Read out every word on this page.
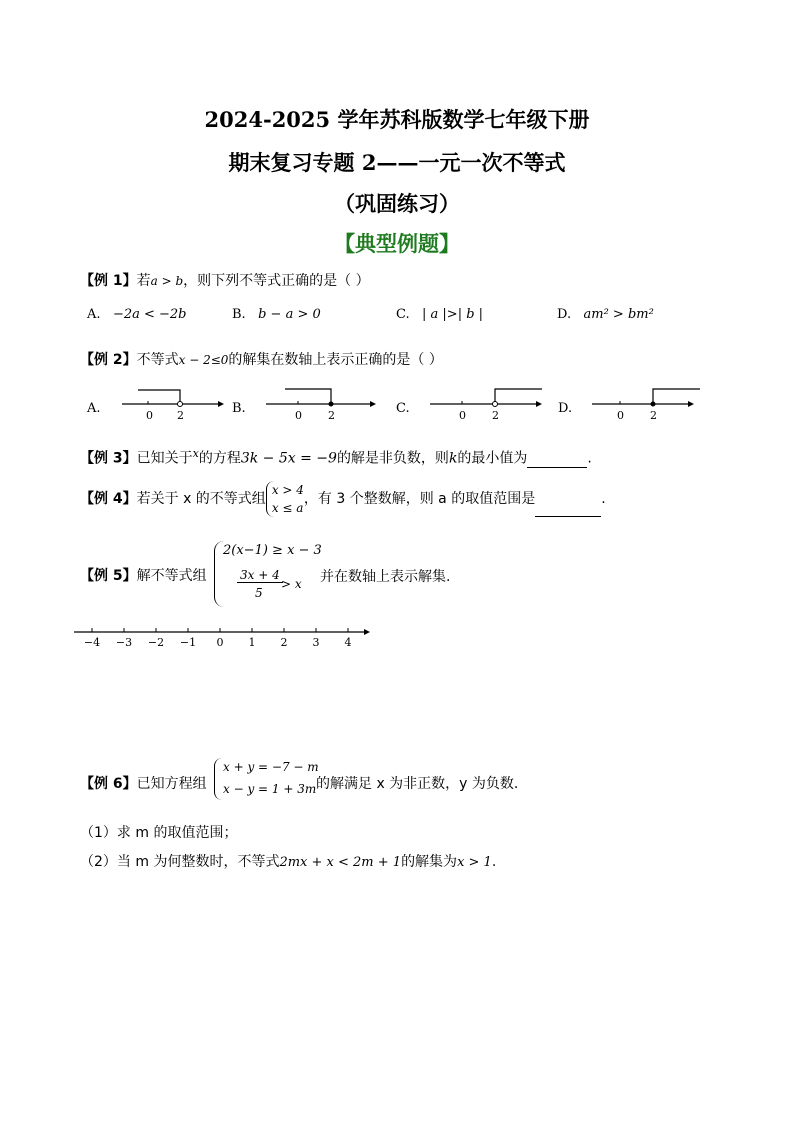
2024-2025 学年苏科版数学七年级下册
期末复习专题 2——一元一次不等式
（巩固练习）
【典型例题】
【例 1】若a > b，则下列不等式正确的是（ ）
A. −2a < −2b	B. b − a > 0	C. | a |>| b |	D. am² > bm²
【例 2】不等式x − 2≤0的解集在数轴上表示正确的是（ ）
A.	0 2	B.	0 2	C.	0 2	D.	0 2
【例 3】已知关于$^x$的方程3k − 5x = −9的解是非负数，则k的最小值为	.
【例 4】若关于 x 的不等式组x > 4
x ≤ a，有 3 个整数解，则 a 的取值范围是	.
【例 5】解不等式组
2(x−1) ≥ x − 3
3x + 4
5
> x 并在数轴上表示解集.
−4 −3 −2 −1 0 1 2 3 4
【例 6】已知方程组
x + y = −7 − m
x − y = 1 + 3m 的解满足 x 为非正数，y 为负数.
（1）求 m 的取值范围；
（2）当 m 为何整数时，不等式2mx + x < 2m + 1的解集为x > 1.
